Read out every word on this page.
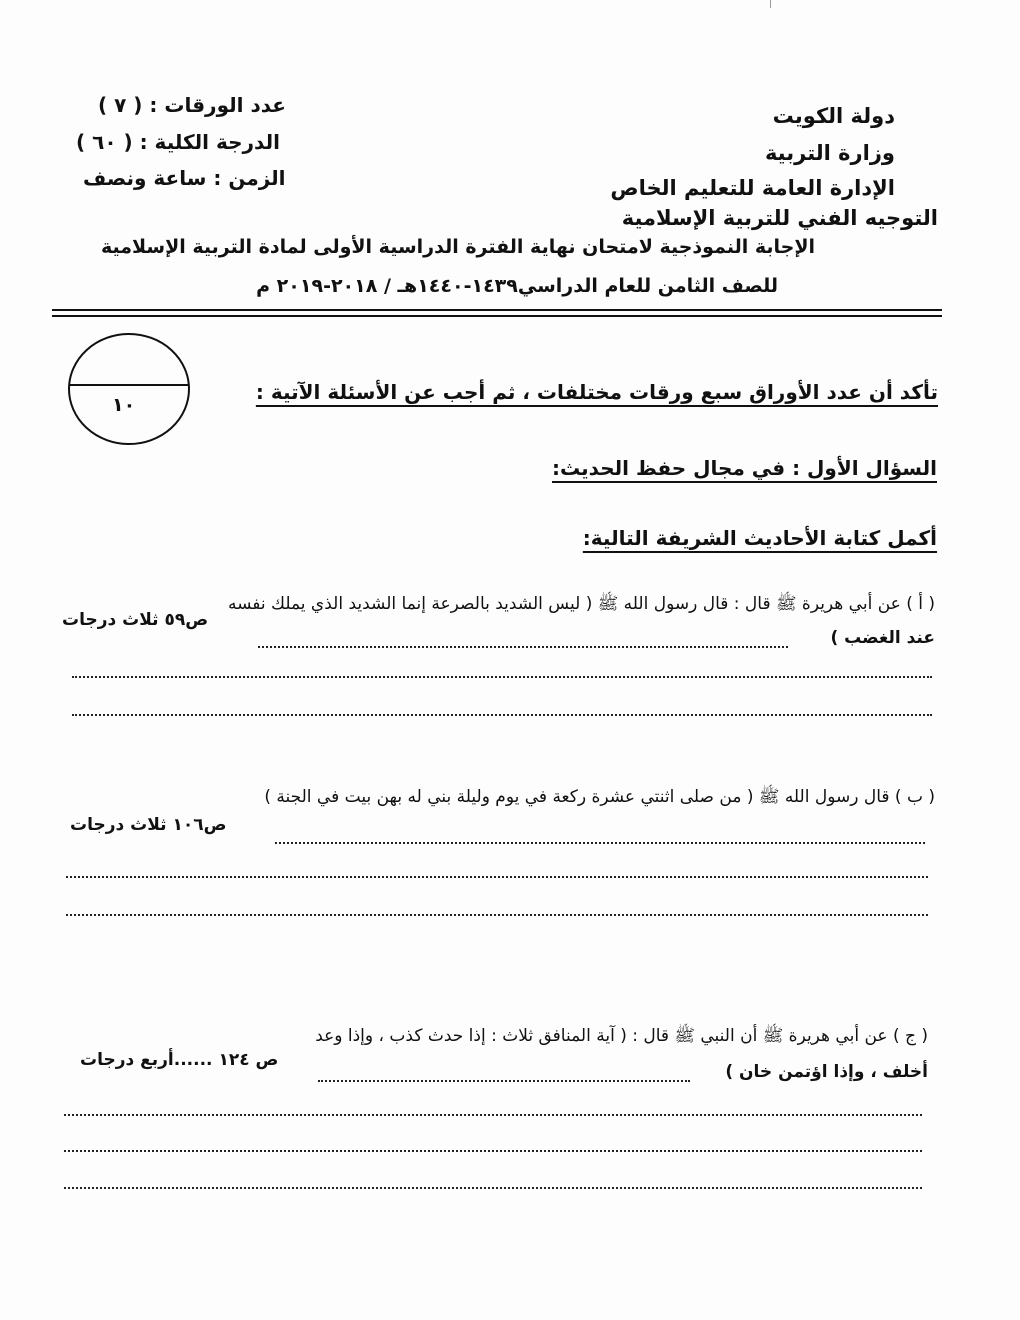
دولة الكويت
وزارة التربية
الإدارة العامة للتعليم الخاص
التوجيه الفني للتربية الإسلامية
عدد الورقات : ( ٧ )
الدرجة الكلية : ( ٦٠ )
الزمن : ساعة ونصف
الإجابة النموذجية لامتحان نهاية الفترة الدراسية الأولى لمادة التربية الإسلامية
للصف الثامن للعام الدراسي١٤٣٩-١٤٤٠هـ / ٢٠١٨-٢٠١٩ م
١٠
تأكد أن عدد الأوراق سبع ورقات مختلفات ، ثم أجب عن الأسئلة الآتية :
السؤال الأول : في مجال حفظ الحديث:
أكمل كتابة الأحاديث الشريفة التالية:
( أ ) عن أبي هريرة ﷺ قال : قال رسول الله ﷺ ( ليس الشديد بالصرعة إنما الشديد الذي يملك نفسه
عند الغضب )
ص٥٩ ثلاث درجات
( ب ) قال رسول الله ﷺ ( من صلى اثنتي عشرة ركعة في يوم وليلة بني له بهن بيت في الجنة )
ص١٠٦ ثلاث درجات
( ج ) عن أبي هريرة ﷺ أن النبي ﷺ قال : ( آية المنافق ثلاث : إذا حدث كذب ، وإذا وعد
أخلف ، وإذا اؤتمن خان )
ص ١٢٤ ......أربع درجات
